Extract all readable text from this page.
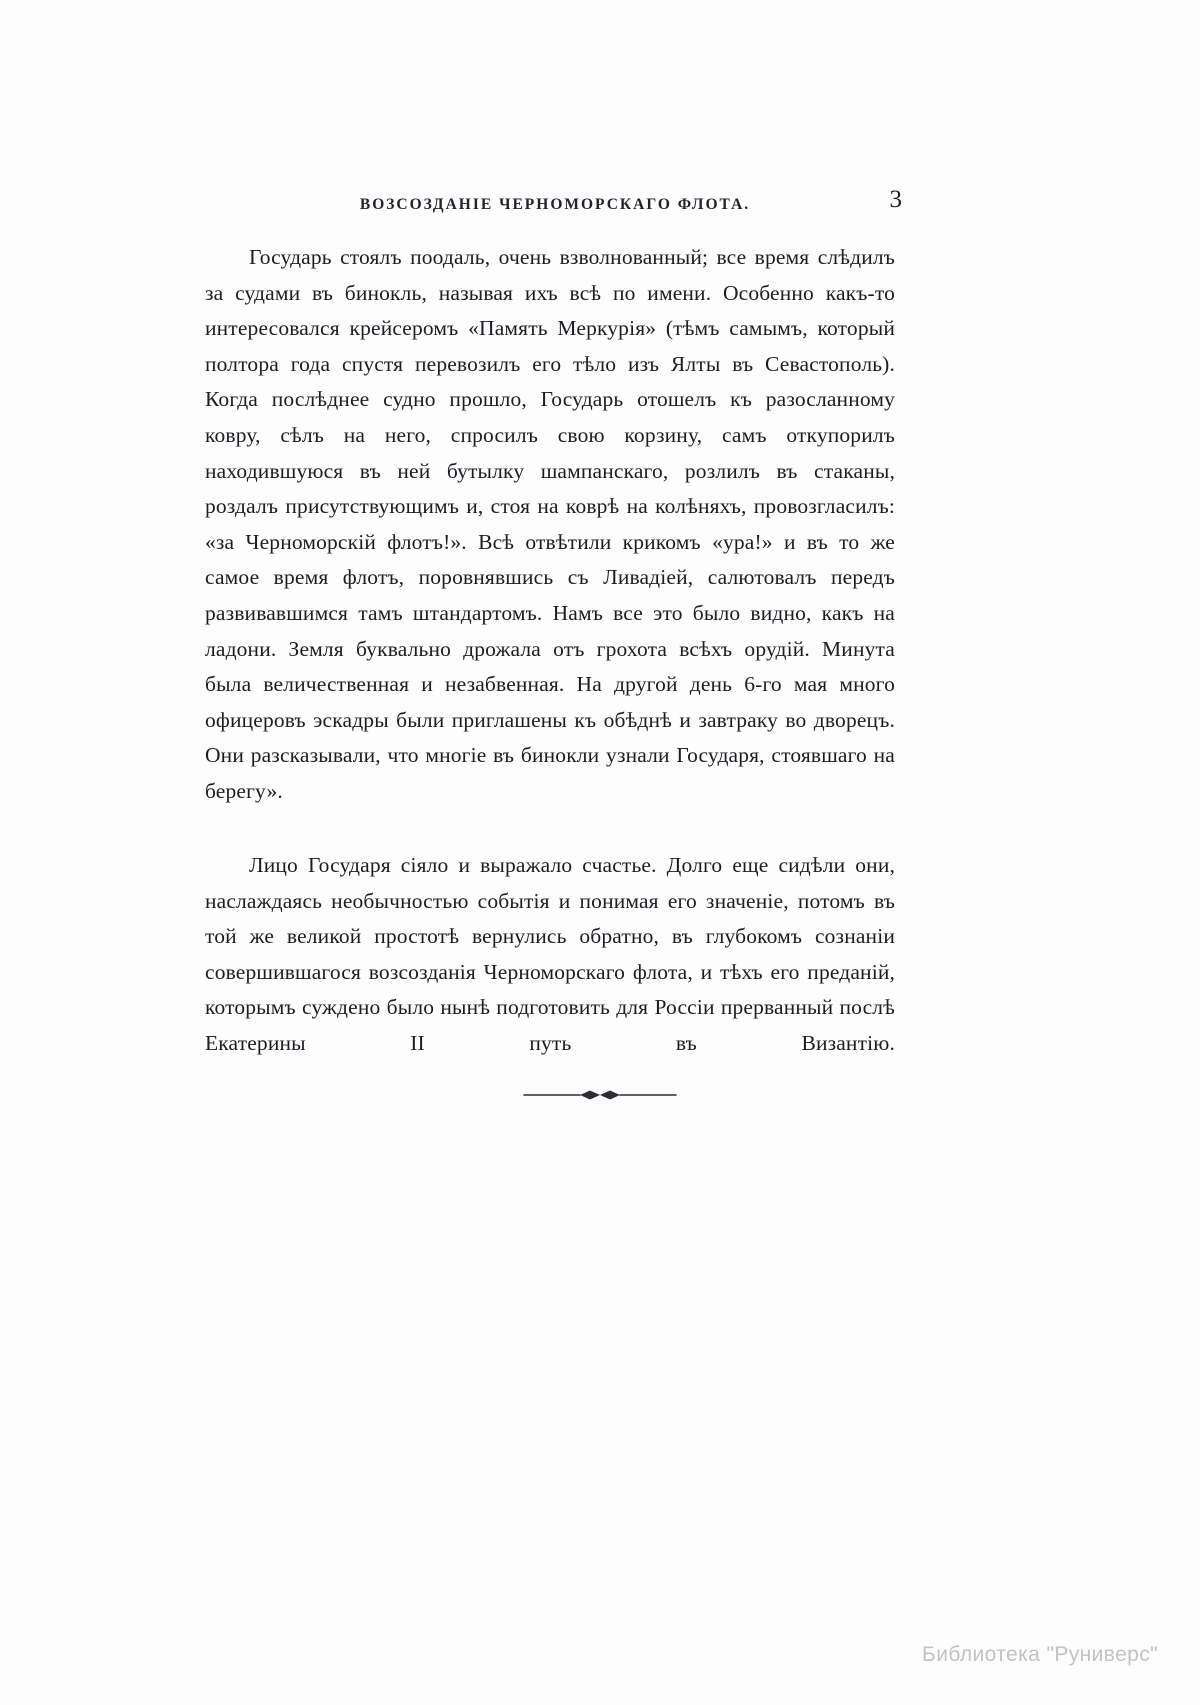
ВОЗСОЗДАНІЕ ЧЕРНОМОРСКАГО ФЛОТА.	3

Государь стоялъ поодаль, очень взволнованный; все время слѣдилъ за судами въ бинокль, называя ихъ всѣ по имени. Особенно какъ-то интересовался крейсеромъ «Память Меркурія» (тѣмъ самымъ, который полтора года спустя перевозилъ его тѣло изъ Ялты въ Севастополь). Когда послѣднее судно прошло, Государь отошелъ къ разосланному ковру, сѣлъ на него, спросилъ свою корзину, самъ откупорилъ находившуюся въ ней бутылку шампанскаго, розлилъ въ стаканы, роздалъ присутствующимъ и, стоя на коврѣ на колѣняхъ, провозгласилъ: «за Черноморскій флотъ!». Всѣ отвѣтили крикомъ «ура!» и въ то же самое время флотъ, поровнявшись съ Ливадіей, салютовалъ передъ развивавшимся тамъ штандартомъ. Намъ все это было видно, какъ на ладони. Земля буквально дрожала отъ грохота всѣхъ орудій. Минута была величественная и незабвенная. На другой день 6-го мая много офицеровъ эскадры были приглашены къ обѣднѣ и завтраку во дворецъ. Они разсказывали, что многіе въ бинокли узнали Государя, стоявшаго на берегу».

Лицо Государя сіяло и выражало счастье. Долго еще сидѣли они, наслаждаясь необычностью событія и понимая его значеніе, потомъ въ той же великой простотѣ вернулись обратно, въ глубокомъ сознаніи совершившагося возсозданія Черноморскаго флота, и тѣхъ его преданій, которымъ суждено было нынѣ подготовить для Россіи прерванный послѣ Екатерины II путь въ Византію.

Библиотека "Руниверс"
